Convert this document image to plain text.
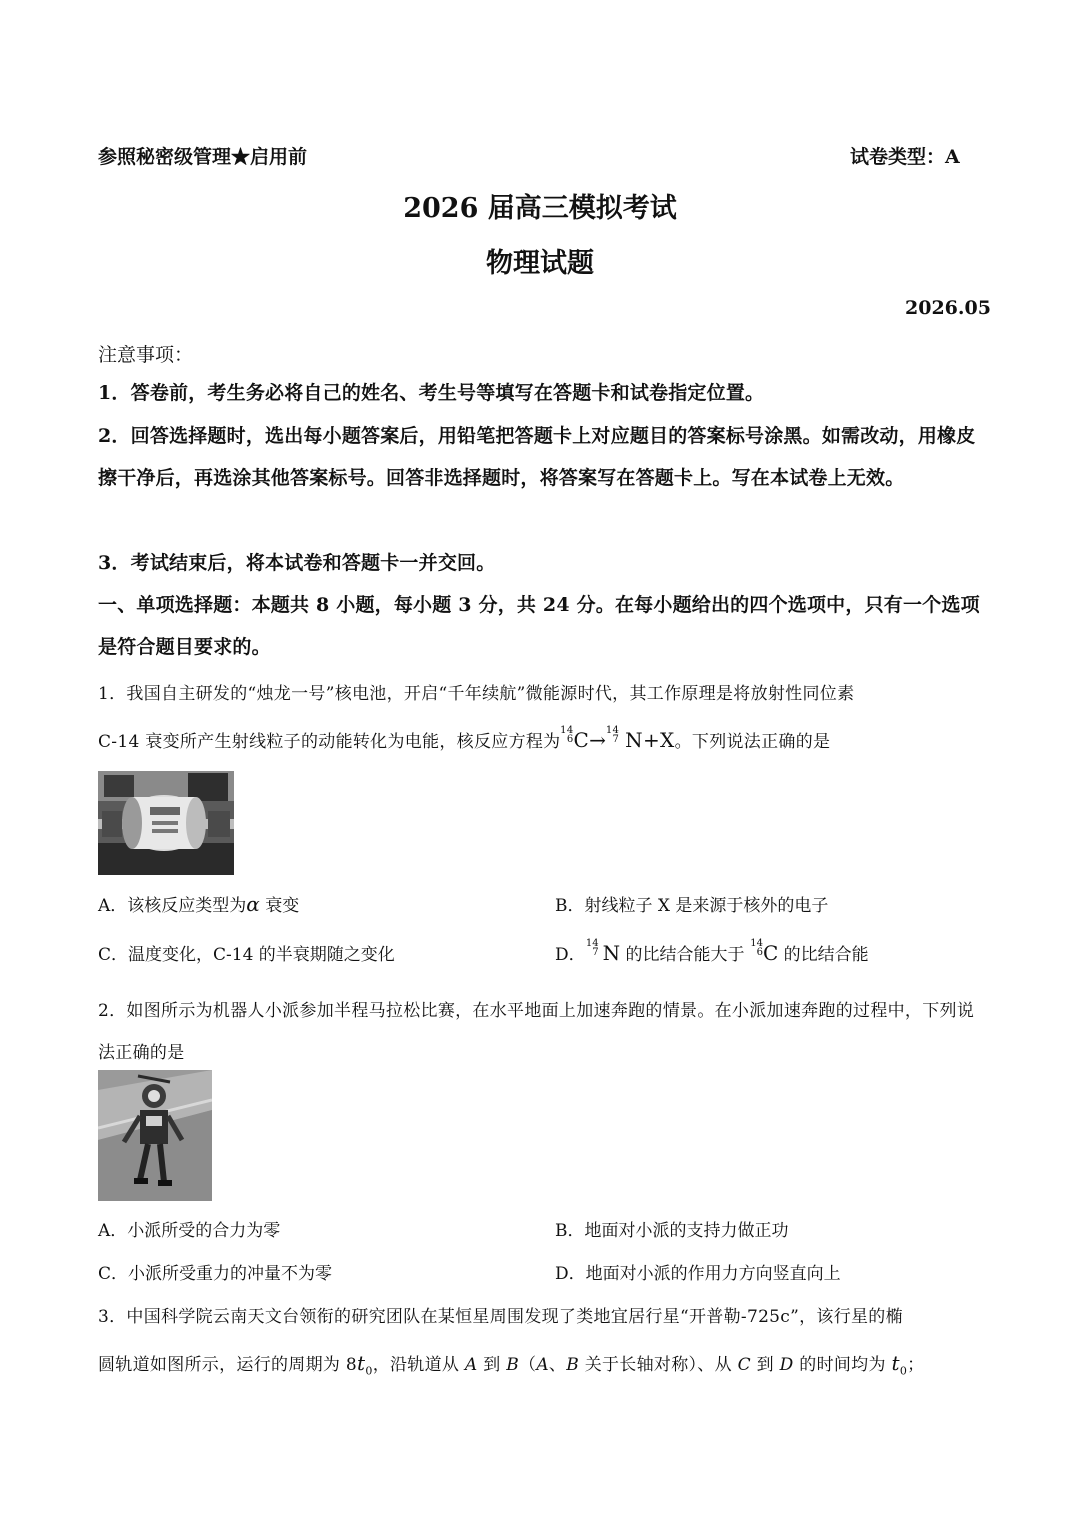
参照秘密级管理★启用前	试卷类型：A
2026 届高三模拟考试
物理试题
2026.05
注意事项：
1．答卷前，考生务必将自己的姓名、考生号等填写在答题卡和试卷指定位置。
2．回答选择题时，选出每小题答案后，用铅笔把答题卡上对应题目的答案标号涂黑。如需改动，用橡皮擦干净后，再选涂其他答案标号。回答非选择题时，将答案写在答题卡上。写在本试卷上无效。
3．考试结束后，将本试卷和答题卡一并交回。
一、单项选择题：本题共 8 小题，每小题 3 分，共 24 分。在每小题给出的四个选项中，只有一个选项是符合题目要求的。
1．我国自主研发的“烛龙一号”核电池，开启“千年续航”微能源时代，其工作原理是将放射性同位素
C-14 衰变所产生射线粒子的动能转化为电能，核反应方程为
14
6 C→ 14
7 N+X。下列说法正确的是
A．该核反应类型为α 衰变	B．射线粒子 X 是来源于核外的电子
C．温度变化，C-14 的半衰期随之变化	D．
14
7 N 的比结合能大于
14
6 C 的比结合能
2．如图所示为机器人小派参加半程马拉松比赛，在水平地面上加速奔跑的情景。在小派加速奔跑的过程中，下列说法正确的是
A．小派所受的合力为零	B．地面对小派的支持力做正功
C．小派所受重力的冲量不为零	D．地面对小派的作用力方向竖直向上
3．中国科学院云南天文台领衔的研究团队在某恒星周围发现了类地宜居行星“开普勒-725c”，该行星的椭
圆轨道如图所示，运行的周期为 $8t_0$，沿轨道从 A 到 B（A、B 关于长轴对称）、从 C 到 D 的时间均为 $t_0$；
